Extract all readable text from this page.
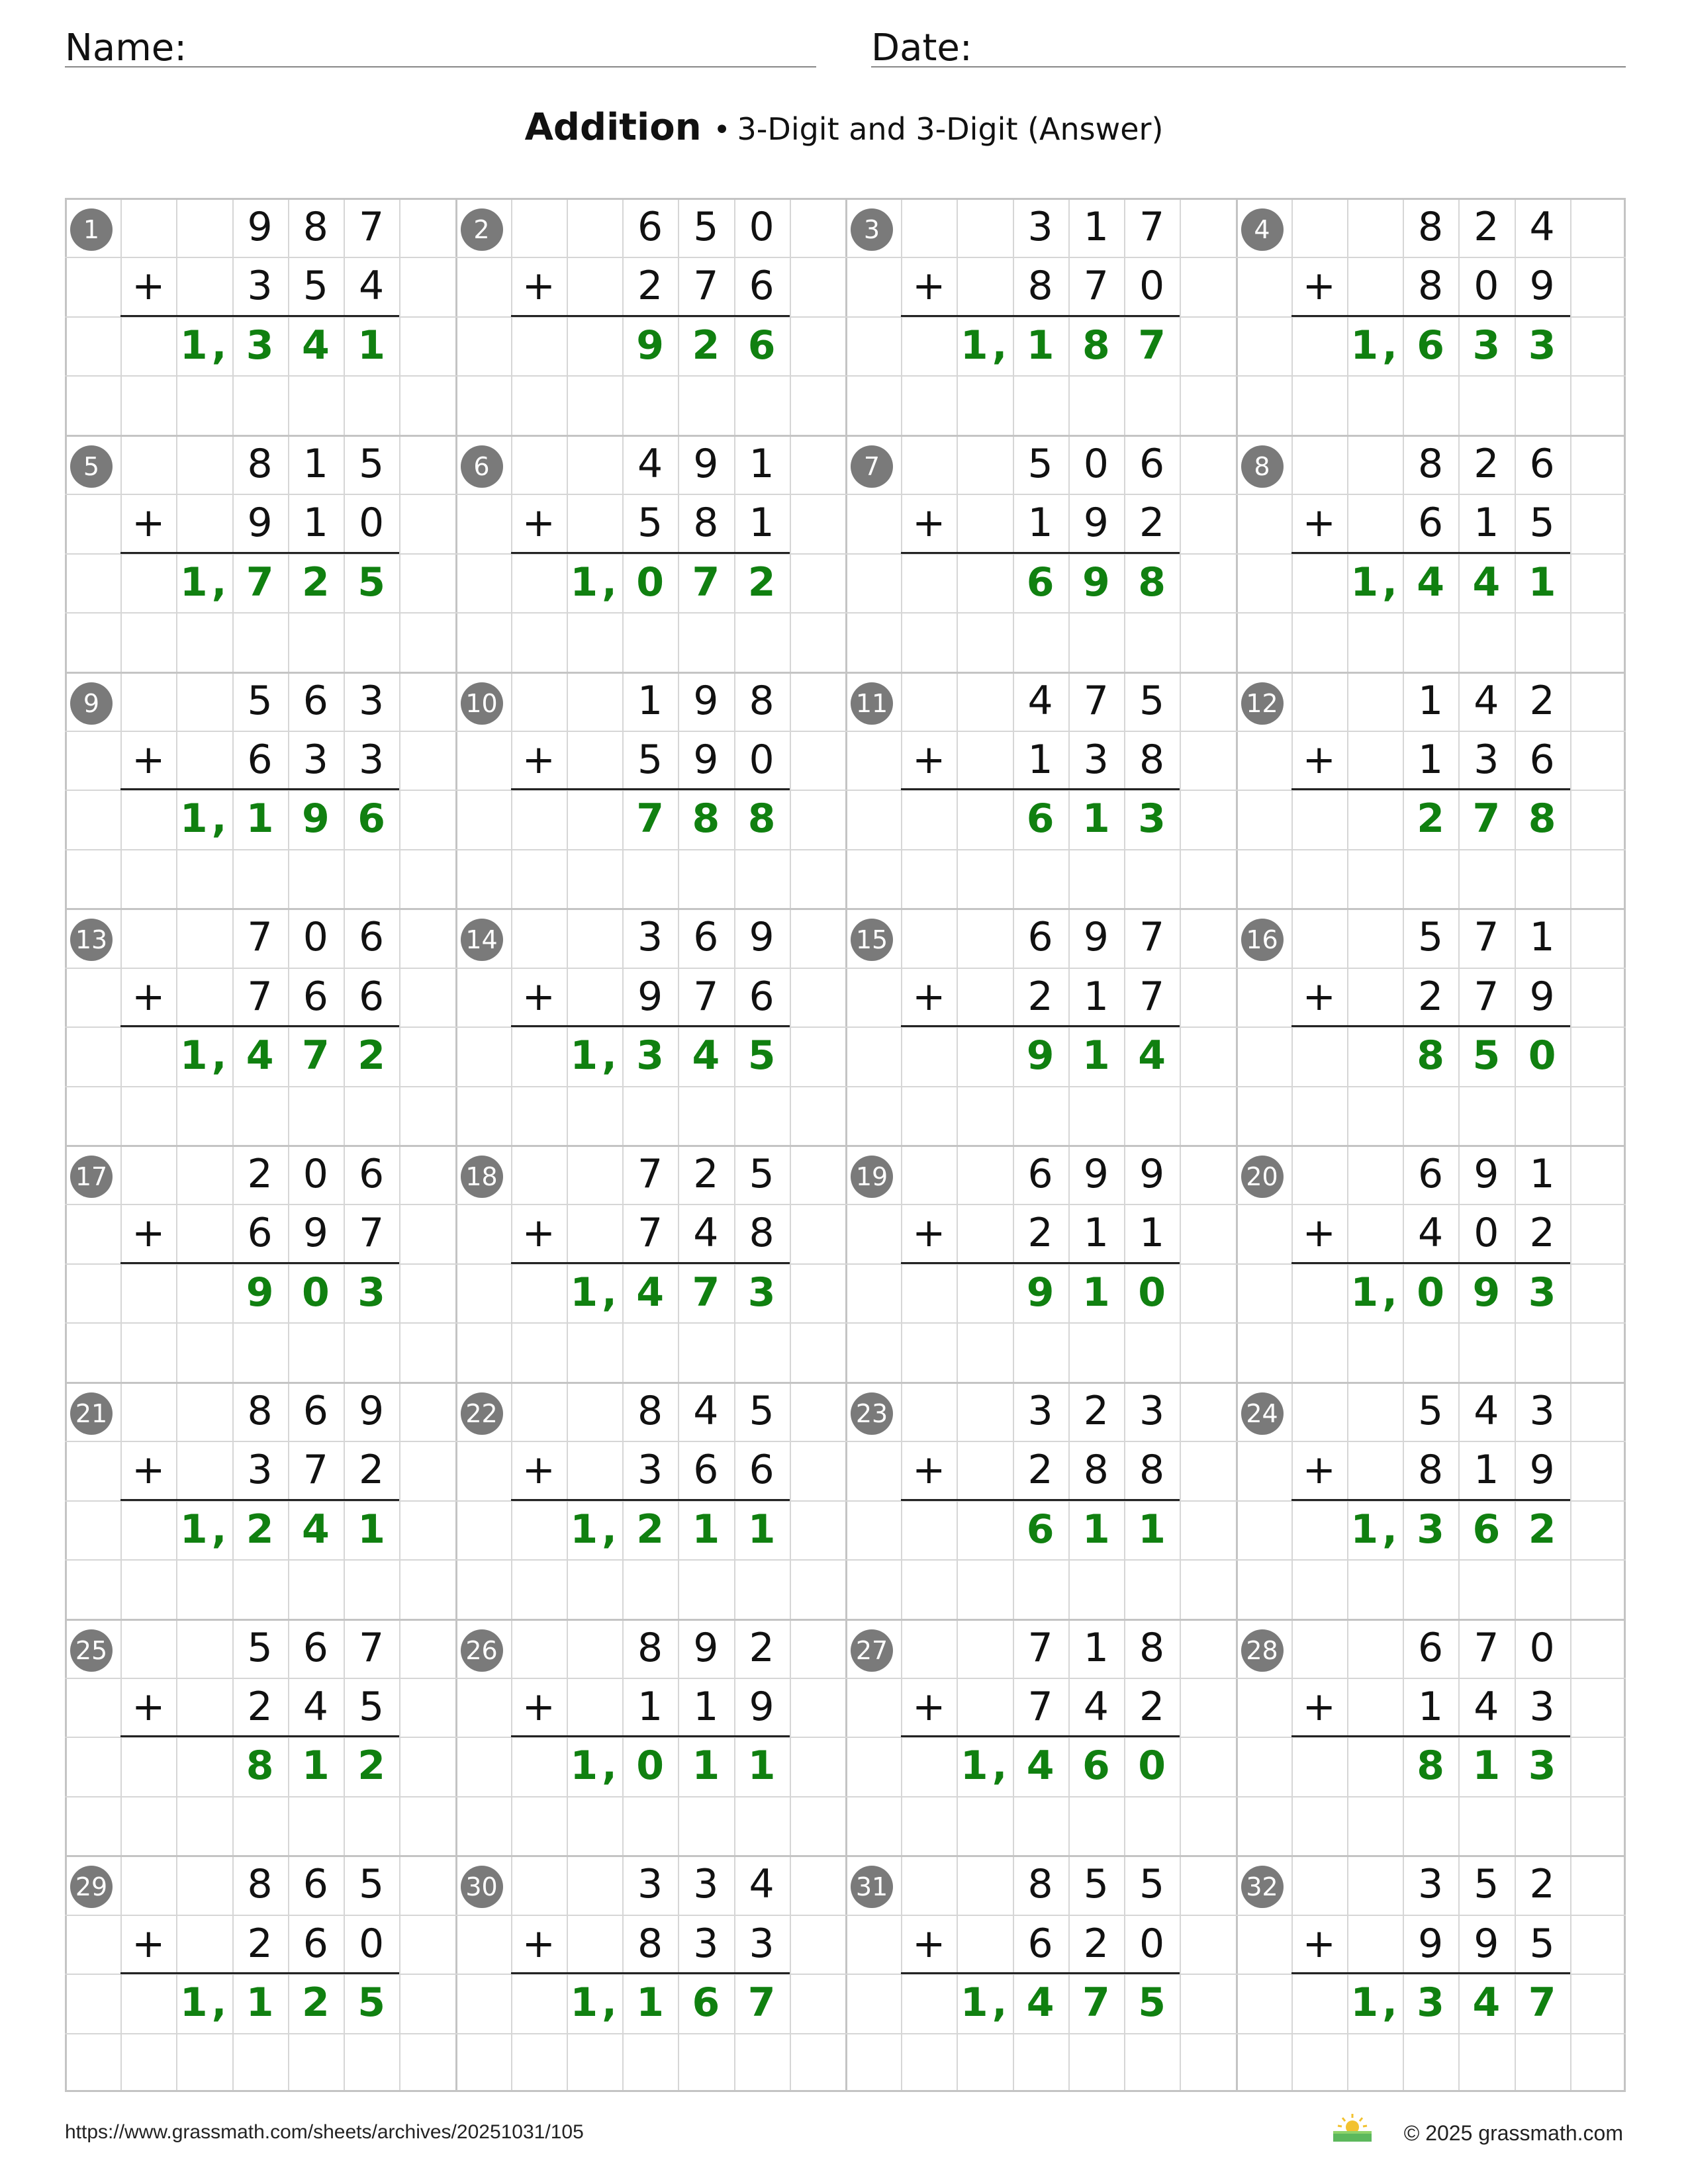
Name:	Date:
Addition • 3-Digit and 3-Digit (Answer)
1	9 8 7
3 5 4
+
1, 3 4 1
2	6 5 0
2 7 6
+
9 2 6
3	3 1 7
8 7 0
+
1, 1 8 7
4	8 2 4
8 0 9
+
1, 6 3 3
5	8 1 5
9 1 0
+
1, 7 2 5
6	4 9 1
5 8 1
+
1, 0 7 2
7	5 0 6
1 9 2
+
6 9 8
8	8 2 6
6 1 5
+
1, 4 4 1
9	5 6 3
6 3 3
+
1, 1 9 6
10	1 9 8
5 9 0
+
7 8 8
11	4 7 5
1 3 8
+
6 1 3
12	1 4 2
1 3 6
+
2 7 8
13	7 0 6
7 6 6
+
1, 4 7 2
14	3 6 9
9 7 6
+
1, 3 4 5
15	6 9 7
2 1 7
+
9 1 4
16	5 7 1
2 7 9
+
8 5 0
17	2 0 6
6 9 7
+
9 0 3
18	7 2 5
7 4 8
+
1, 4 7 3
19	6 9 9
2 1 1
+
9 1 0
20	6 9 1
4 0 2
+
1, 0 9 3
21	8 6 9
3 7 2
+
1, 2 4 1
22	8 4 5
3 6 6
+
1, 2 1 1
23	3 2 3
2 8 8
+
6 1 1
24	5 4 3
8 1 9
+
1, 3 6 2
25	5 6 7
2 4 5
+
8 1 2
26	8 9 2
1 1 9
+
1, 0 1 1
27	7 1 8
7 4 2
+
1, 4 6 0
28	6 7 0
1 4 3
+
8 1 3
29	8 6 5
2 6 0
+
1, 1 2 5
30	3 3 4
8 3 3
+
1, 1 6 7
31	8 5 5
6 2 0
+
1, 4 7 5
32	3 5 2
9 9 5
+
1, 3 4 7
https://www.grassmath.com/sheets/archives/20251031/105	© 2025 grassmath.com
